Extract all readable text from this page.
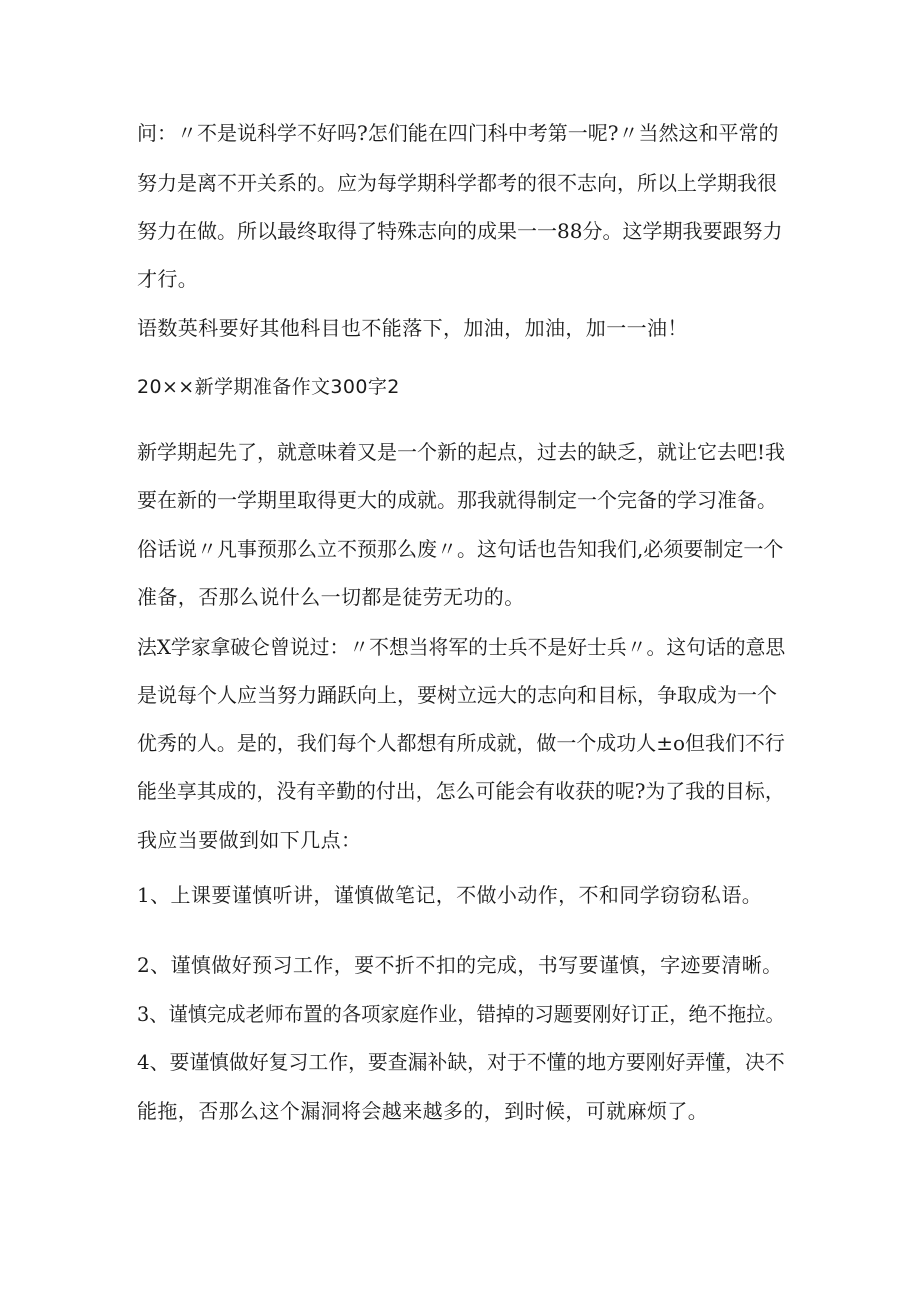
问：〃不是说科学不好吗?怎们能在四门科中考第一呢?〃当然这和平常的
努力是离不开关系的。应为每学期科学都考的很不志向，所以上学期我很
努力在做。所以最终取得了特殊志向的成果一一88分。这学期我要跟努力
才行。
语数英科要好其他科目也不能落下，加油，加油，加一一油！
20××新学期准备作文300字2
新学期起先了，就意味着又是一个新的起点，过去的缺乏，就让它去吧!我
要在新的一学期里取得更大的成就。那我就得制定一个完备的学习准备。
俗话说〃凡事预那么立不预那么废〃。这句话也告知我们,必须要制定一个
准备，否那么说什么一切都是徒劳无功的。
法X学家拿破仑曾说过：〃不想当将军的士兵不是好士兵〃。这句话的意思
是说每个人应当努力踊跃向上，要树立远大的志向和目标，争取成为一个
优秀的人。是的，我们每个人都想有所成就，做一个成功人±o但我们不行
能坐享其成的，没有辛勤的付出，怎么可能会有收获的呢?为了我的目标，
我应当要做到如下几点：
1、上课要谨慎听讲，谨慎做笔记，不做小动作，不和同学窃窃私语。
2、谨慎做好预习工作，要不折不扣的完成，书写要谨慎，字迹要清晰。
3、谨慎完成老师布置的各项家庭作业，错掉的习题要刚好订正，绝不拖拉。
4、要谨慎做好复习工作，要查漏补缺，对于不懂的地方要刚好弄懂，决不
能拖，否那么这个漏洞将会越来越多的，到时候，可就麻烦了。
